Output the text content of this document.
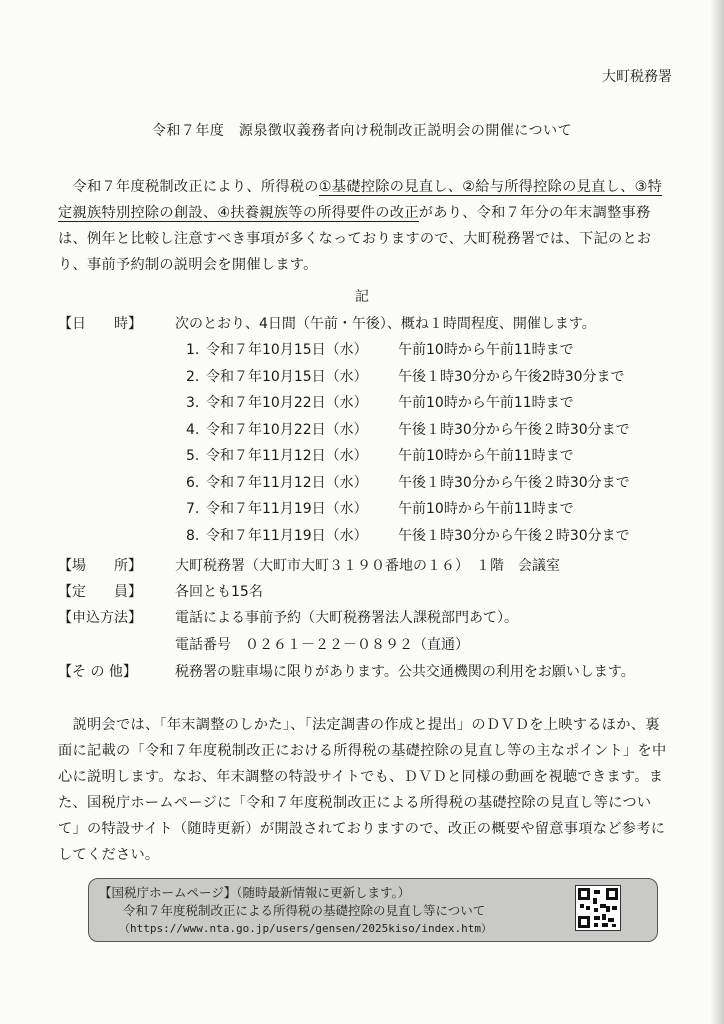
大町税務署
令和７年度　源泉徴収義務者向け税制改正説明会の開催について
　令和７年度税制改正により、所得税の①基礎控除の見直し、②給与所得控除の見直し、③特定親族特別控除の創設、④扶養親族等の所得要件の改正があり、令和７年分の年末調整事務は、例年と比較し注意すべき事項が多くなっておりますので、大町税務署では、下記のとおり、事前予約制の説明会を開催します。
記
【日　　時】	次のとおり、4日間（午前・午後）、概ね１時間程度、開催します。
1. 令和７年10月15日（水） 午前10時から午前11時まで
2. 令和７年10月15日（水） 午後１時30分から午後2時30分まで
3. 令和７年10月22日（水） 午前10時から午前11時まで
4. 令和７年10月22日（水） 午後１時30分から午後２時30分まで
5. 令和７年11月12日（水） 午前10時から午前11時まで
6. 令和７年11月12日（水） 午後１時30分から午後２時30分まで
7. 令和７年11月19日（水） 午前10時から午前11時まで
8. 令和７年11月19日（水） 午後１時30分から午後２時30分まで
【場　　所】	大町税務署（大町市大町３１９０番地の１６）　１階　会議室
【定　　員】	各回とも15名
【申込方法】	電話による事前予約（大町税務署法人課税部門あて）。
電話番号　０２６１－２２－０８９２（直通）
【そ の 他】	税務署の駐車場に限りがあります。公共交通機関の利用をお願いします。
　説明会では、「年末調整のしかた」、「法定調書の作成と提出」のＤＶＤを上映するほか、裏面に記載の「令和７年度税制改正における所得税の基礎控除の見直し等の主なポイント」を中心に説明します。なお、年末調整の特設サイトでも、ＤＶＤと同様の動画を視聴できます。また、国税庁ホームページに「令和７年度税制改正による所得税の基礎控除の見直し等について」の特設サイト（随時更新）が開設されておりますので、改正の概要や留意事項など参考にしてください。
【国税庁ホームページ】（随時最新情報に更新します。）
令和７年度税制改正による所得税の基礎控除の見直し等について
（https://www.nta.go.jp/users/gensen/2025kiso/index.htm）
